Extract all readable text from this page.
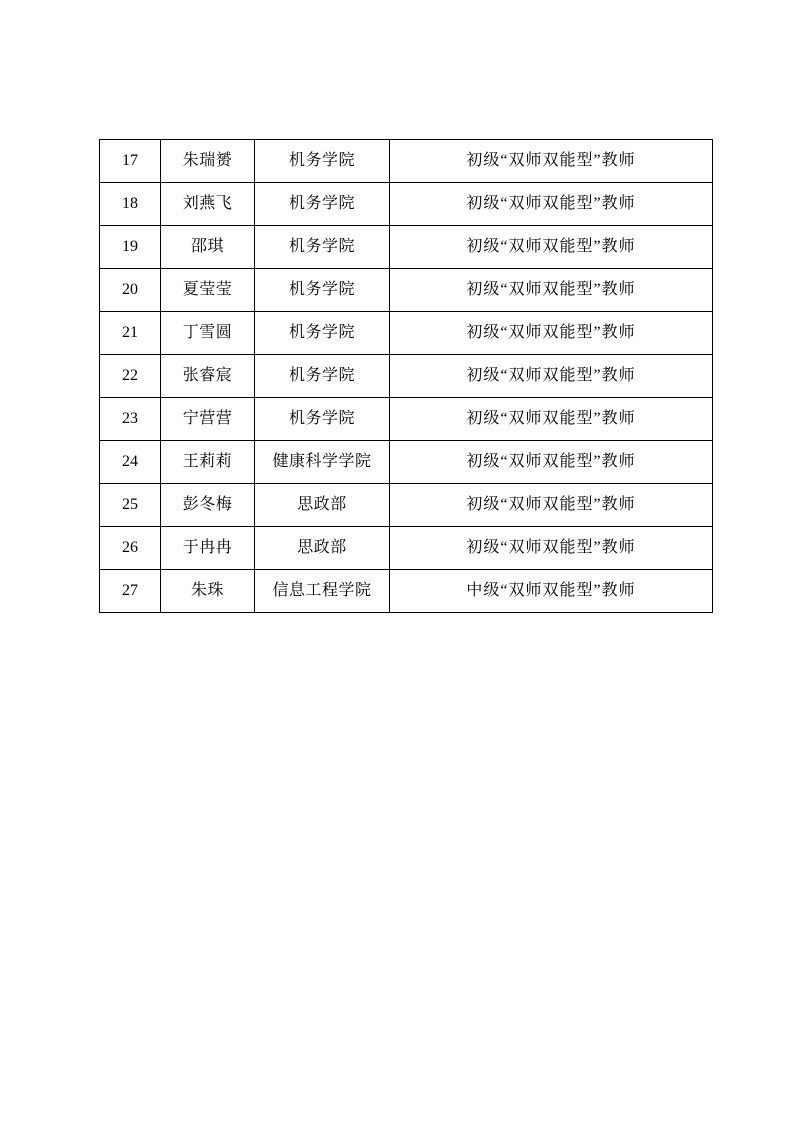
17	朱瑞赟	机务学院	初级“双师双能型”教师
18	刘燕飞	机务学院	初级“双师双能型”教师
19	邵琪	机务学院	初级“双师双能型”教师
20	夏莹莹	机务学院	初级“双师双能型”教师
21	丁雪圆	机务学院	初级“双师双能型”教师
22	张睿宸	机务学院	初级“双师双能型”教师
23	宁营营	机务学院	初级“双师双能型”教师
24	王莉莉	健康科学学院	初级“双师双能型”教师
25	彭冬梅	思政部	初级“双师双能型”教师
26	于冉冉	思政部	初级“双师双能型”教师
27	朱珠	信息工程学院	中级“双师双能型”教师
